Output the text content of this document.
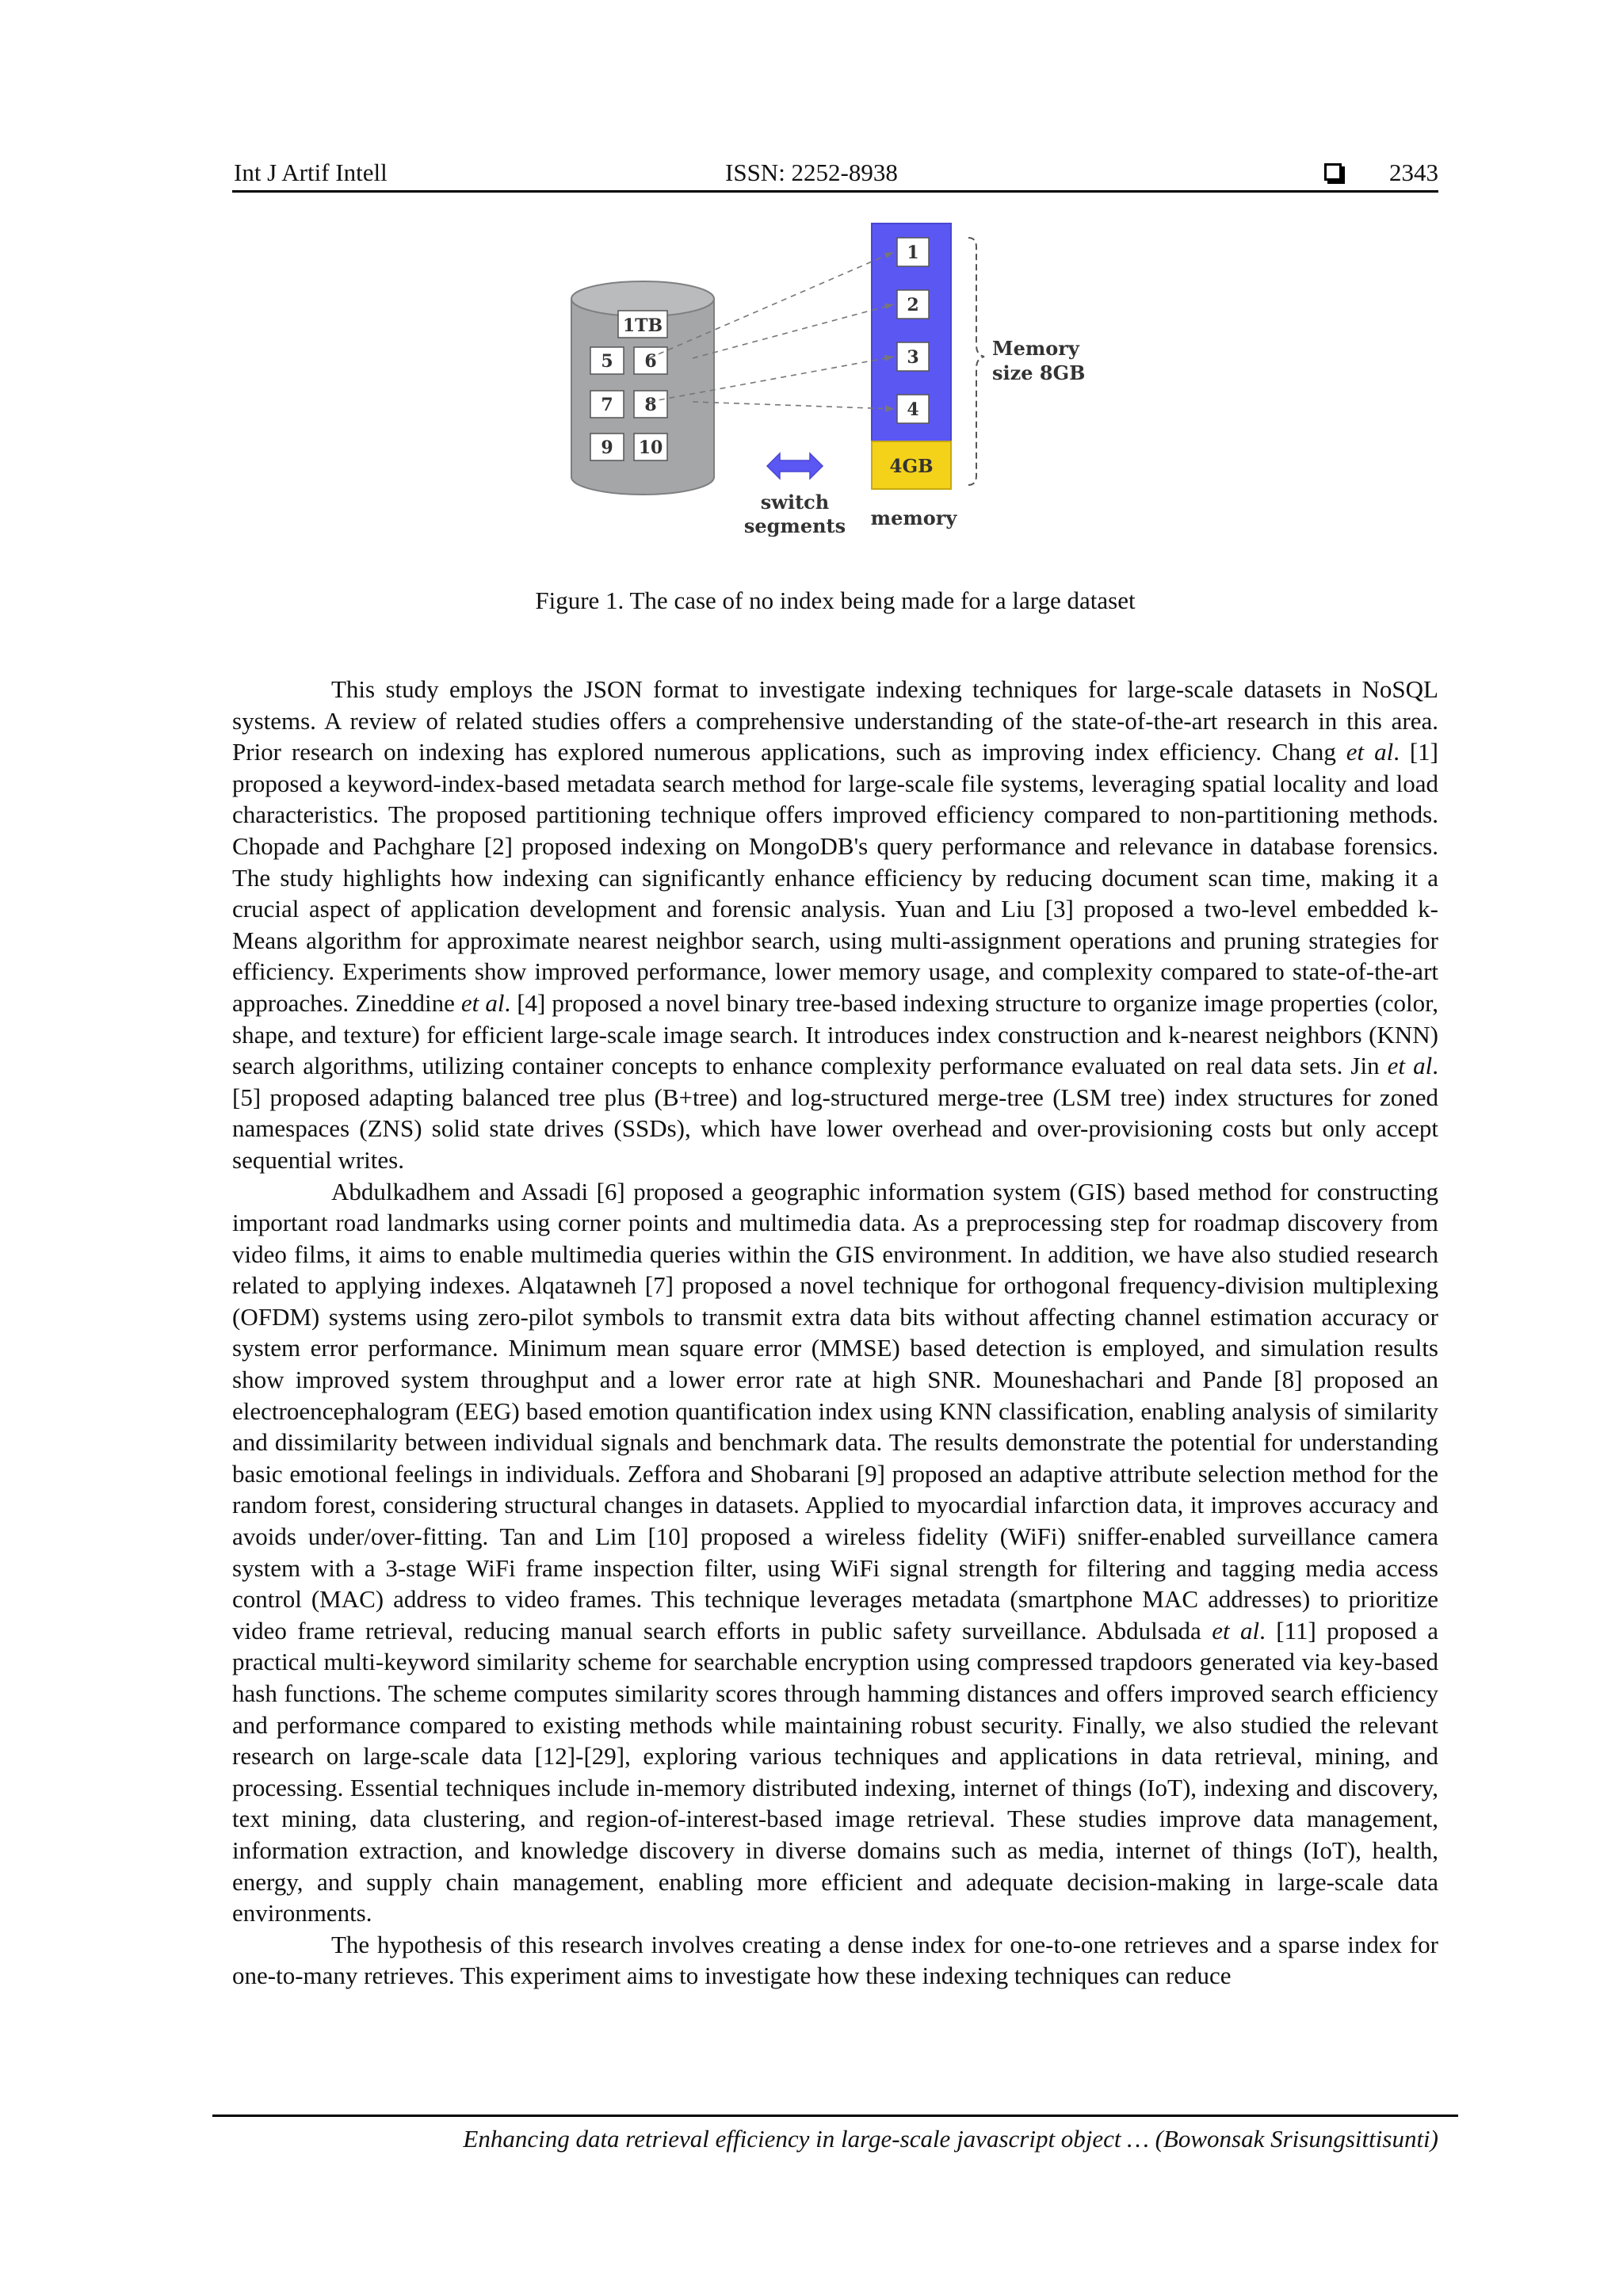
Int J Artif Intell	ISSN: 2252-8938	2343
1TB
5 6
7 8
9 10
4GB
1
2
3
4
Memory
size 8GB
switch
segments memory
Figure 1. The case of no index being made for a large dataset

This study employs the JSON format to investigate indexing techniques for large-scale datasets in NoSQL systems. A review of related studies offers a comprehensive understanding of the state-of-the-art research in this area. Prior research on indexing has explored numerous applications, such as improving index efficiency. Chang et al. [1] proposed a keyword-index-based metadata search method for large-scale file systems, leveraging spatial locality and load characteristics. The proposed partitioning technique offers improved efficiency compared to non-partitioning methods. Chopade and Pachghare [2] proposed indexing on MongoDB's query performance and relevance in database forensics. The study highlights how indexing can significantly enhance efficiency by reducing document scan time, making it a crucial aspect of application development and forensic analysis. Yuan and Liu [3] proposed a two-level embedded k-Means algorithm for approximate nearest neighbor search, using multi-assignment operations and pruning strategies for efficiency. Experiments show improved performance, lower memory usage, and complexity compared to state-of-the-art approaches. Zineddine et al. [4] proposed a novel binary tree-based indexing structure to organize image properties (color, shape, and texture) for efficient large-scale image search. It introduces index construction and k-nearest neighbors (KNN) search algorithms, utilizing container concepts to enhance complexity performance evaluated on real data sets. Jin et al. [5] proposed adapting balanced tree plus (B+tree) and log-structured merge-tree (LSM tree) index structures for zoned namespaces (ZNS) solid state drives (SSDs), which have lower overhead and over-provisioning costs but only accept sequential writes.

Abdulkadhem and Assadi [6] proposed a geographic information system (GIS) based method for constructing important road landmarks using corner points and multimedia data. As a preprocessing step for roadmap discovery from video films, it aims to enable multimedia queries within the GIS environment. In addition, we have also studied research related to applying indexes. Alqatawneh [7] proposed a novel technique for orthogonal frequency-division multiplexing (OFDM) systems using zero-pilot symbols to transmit extra data bits without affecting channel estimation accuracy or system error performance. Minimum mean square error (MMSE) based detection is employed, and simulation results show improved system throughput and a lower error rate at high SNR. Mouneshachari and Pande [8] proposed an electroencephalogram (EEG) based emotion quantification index using KNN classification, enabling analysis of similarity and dissimilarity between individual signals and benchmark data. The results demonstrate the potential for understanding basic emotional feelings in individuals. Zeffora and Shobarani [9] proposed an adaptive attribute selection method for the random forest, considering structural changes in datasets. Applied to myocardial infarction data, it improves accuracy and avoids under/over-fitting. Tan and Lim [10] proposed a wireless fidelity (WiFi) sniffer-enabled surveillance camera system with a 3-stage WiFi frame inspection filter, using WiFi signal strength for filtering and tagging media access control (MAC) address to video frames. This technique leverages metadata (smartphone MAC addresses) to prioritize video frame retrieval, reducing manual search efforts in public safety surveillance. Abdulsada et al. [11] proposed a practical multi-keyword similarity scheme for searchable encryption using compressed trapdoors generated via key-based hash functions. The scheme computes similarity scores through hamming distances and offers improved search efficiency and performance compared to existing methods while maintaining robust security. Finally, we also studied the relevant research on large-scale data [12]-[29], exploring various techniques and applications in data retrieval, mining, and processing. Essential techniques include in-memory distributed indexing, internet of things (IoT), indexing and discovery, text mining, data clustering, and region-of-interest-based image retrieval. These studies improve data management, information extraction, and knowledge discovery in diverse domains such as media, internet of things (IoT), health, energy, and supply chain management, enabling more efficient and adequate decision-making in large-scale data environments.

The hypothesis of this research involves creating a dense index for one-to-one retrieves and a sparse index for one-to-many retrieves. This experiment aims to investigate how these indexing techniques can reduce

Enhancing data retrieval efficiency in large-scale javascript object … (Bowonsak Srisungsittisunti)
